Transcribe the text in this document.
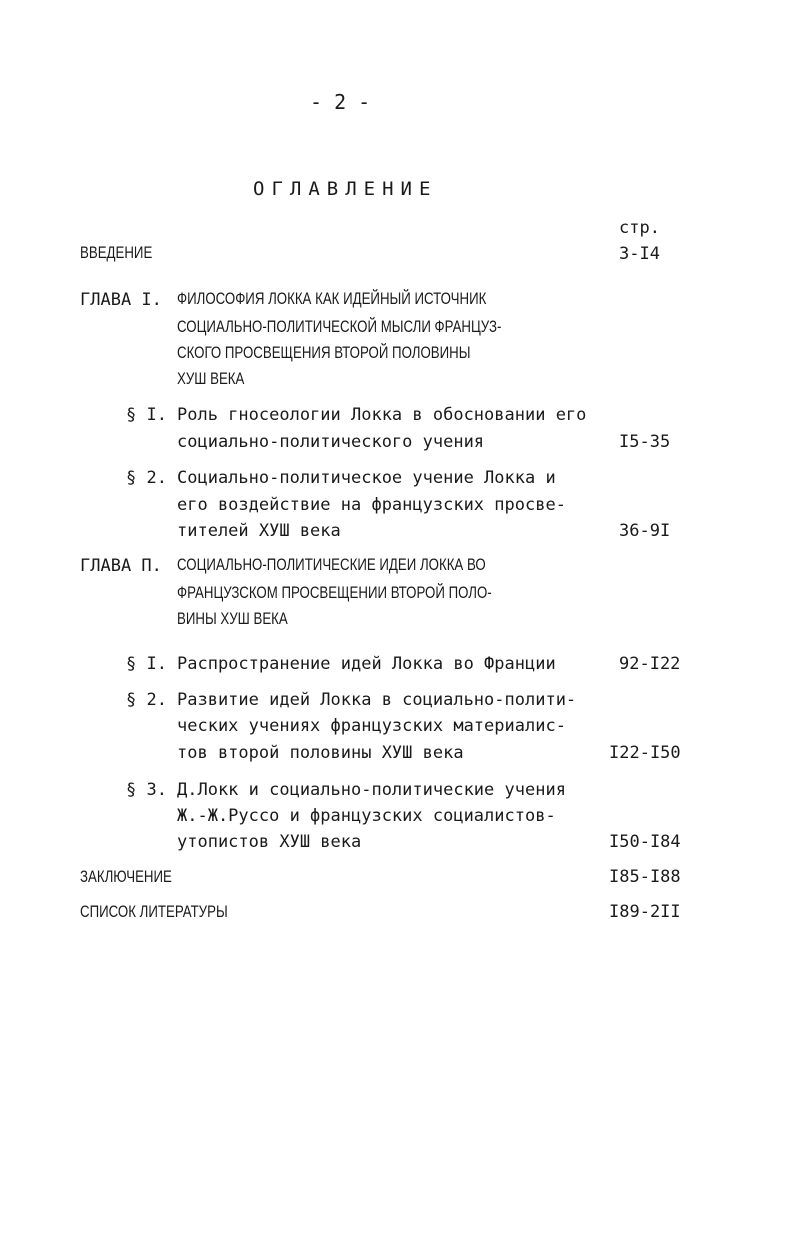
- 2 -
ОГЛАВЛЕНИЕ
стр.
ВВЕДЕНИЕ	3-I4
ГЛАВА I. ФИЛОСОФИЯ ЛОККА КАК ИДЕЙНЫЙ ИСТОЧНИК
СОЦИАЛЬНО-ПОЛИТИЧЕСКОЙ МЫСЛИ ФРАНЦУЗ-
СКОГО ПРОСВЕЩЕНИЯ ВТОРОЙ ПОЛОВИНЫ
ХУШ ВЕКА
§ I. Роль гносеологии Локка в обосновании его
социально-политического учения	I5-35
§ 2. Социально-политическое учение Локка и
его воздействие на французских просве-
тителей ХУШ века	36-9I
ГЛАВА П. СОЦИАЛЬНО-ПОЛИТИЧЕСКИЕ ИДЕИ ЛОККА ВО
ФРАНЦУЗСКОМ ПРОСВЕЩЕНИИ ВТОРОЙ ПОЛО-
ВИНЫ ХУШ ВЕКА
§ I. Распространение идей Локка во Франции	92-I22
§ 2. Развитие идей Локка в социально-полити-
ческих учениях французских материалис-
тов второй половины ХУШ века	I22-I50
§ 3. Д.Локк и социально-политические учения
Ж.-Ж.Руссо и французских социалистов-
утопистов ХУШ века	I50-I84
ЗАКЛЮЧЕНИЕ	I85-I88
СПИСОК ЛИТЕРАТУРЫ	I89-2II
